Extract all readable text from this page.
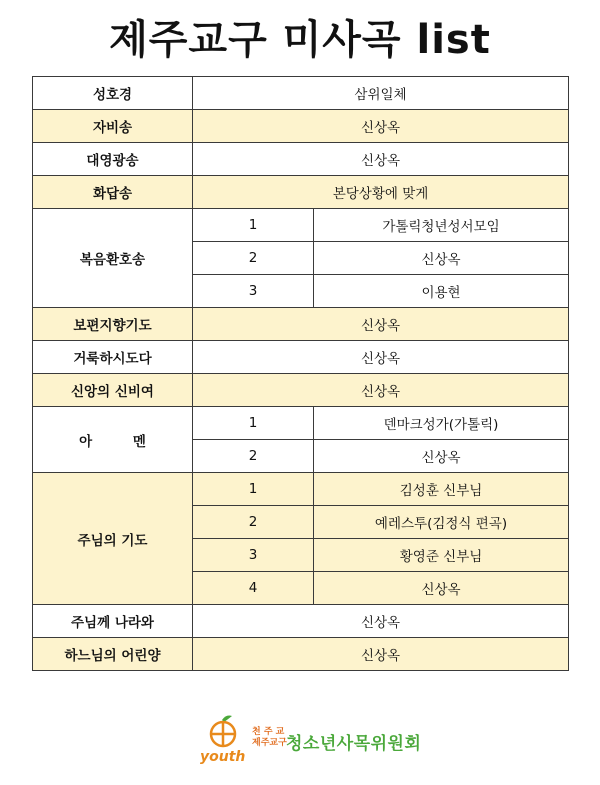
제주교구 미사곡 list
성호경	삼위일체	
자비송	신상옥	
대영광송	신상옥	
화답송	본당상황에 맞게	
복음환호송	1	가톨릭청년성서모임
	2	신상옥
	3	이용현
보편지향기도	신상옥	
거룩하시도다	신상옥	
신앙의 신비여	신상옥	
아 멘	1	덴마크성가(가톨릭)
	2	신상옥
주님의 기도	1	김성훈 신부님
	2	예레스투(김정식 편곡)
	3	황영준 신부님
	4	신상옥
주님께 나라와	신상옥	
하느님의 어린양	신상옥	
youth
천 주 교
제주교구 청소년사목위원회
